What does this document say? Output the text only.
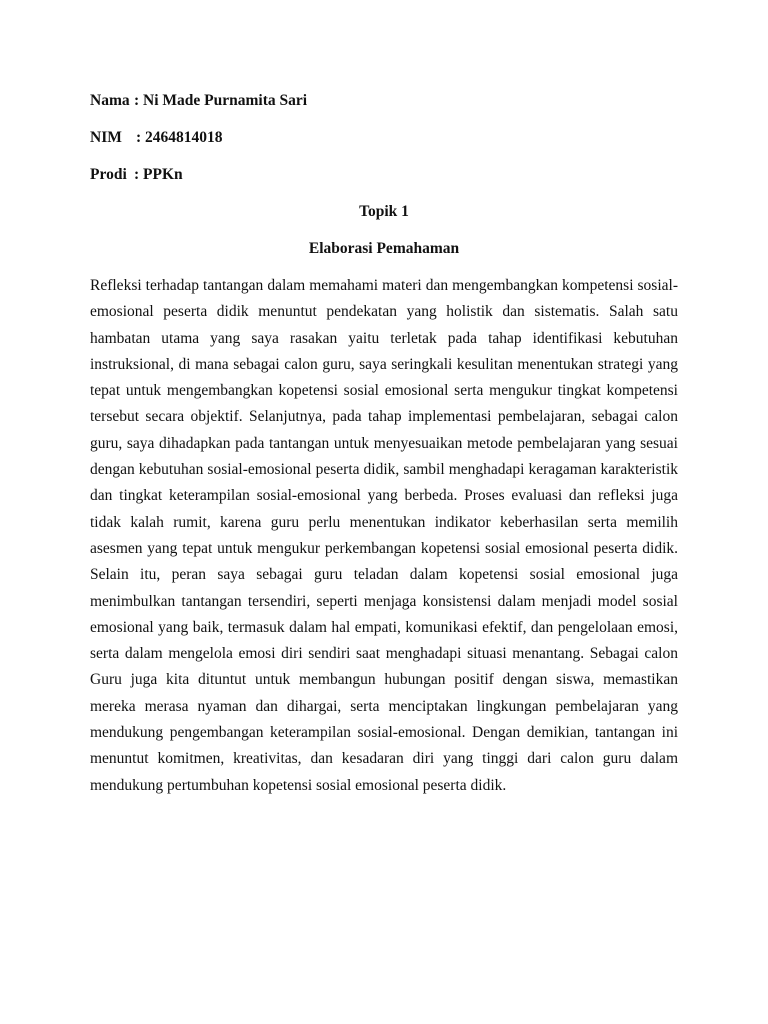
Nama : Ni Made Purnamita Sari
NIM : 2464814018
Prodi : PPKn
Topik 1
Elaborasi Pemahaman

Refleksi terhadap tantangan dalam memahami materi dan mengembangkan kompetensi sosial-emosional peserta didik menuntut pendekatan yang holistik dan sistematis. Salah satu hambatan utama yang saya rasakan yaitu terletak pada tahap identifikasi kebutuhan instruksional, di mana sebagai calon guru, saya seringkali kesulitan menentukan strategi yang tepat untuk mengembangkan kopetensi sosial emosional serta mengukur tingkat kompetensi tersebut secara objektif. Selanjutnya, pada tahap implementasi pembelajaran, sebagai calon guru, saya dihadapkan pada tantangan untuk menyesuaikan metode pembelajaran yang sesuai dengan kebutuhan sosial-emosional peserta didik, sambil menghadapi keragaman karakteristik dan tingkat keterampilan sosial-emosional yang berbeda. Proses evaluasi dan refleksi juga tidak kalah rumit, karena guru perlu menentukan indikator keberhasilan serta memilih asesmen yang tepat untuk mengukur perkembangan kopetensi sosial emosional peserta didik. Selain itu, peran saya sebagai guru teladan dalam kopetensi sosial emosional juga menimbulkan tantangan tersendiri, seperti menjaga konsistensi dalam menjadi model sosial emosional yang baik, termasuk dalam hal empati, komunikasi efektif, dan pengelolaan emosi, serta dalam mengelola emosi diri sendiri saat menghadapi situasi menantang. Sebagai calon Guru juga kita dituntut untuk membangun hubungan positif dengan siswa, memastikan mereka merasa nyaman dan dihargai, serta menciptakan lingkungan pembelajaran yang mendukung pengembangan keterampilan sosial-emosional. Dengan demikian, tantangan ini menuntut komitmen, kreativitas, dan kesadaran diri yang tinggi dari calon guru dalam mendukung pertumbuhan kopetensi sosial emosional peserta didik.
